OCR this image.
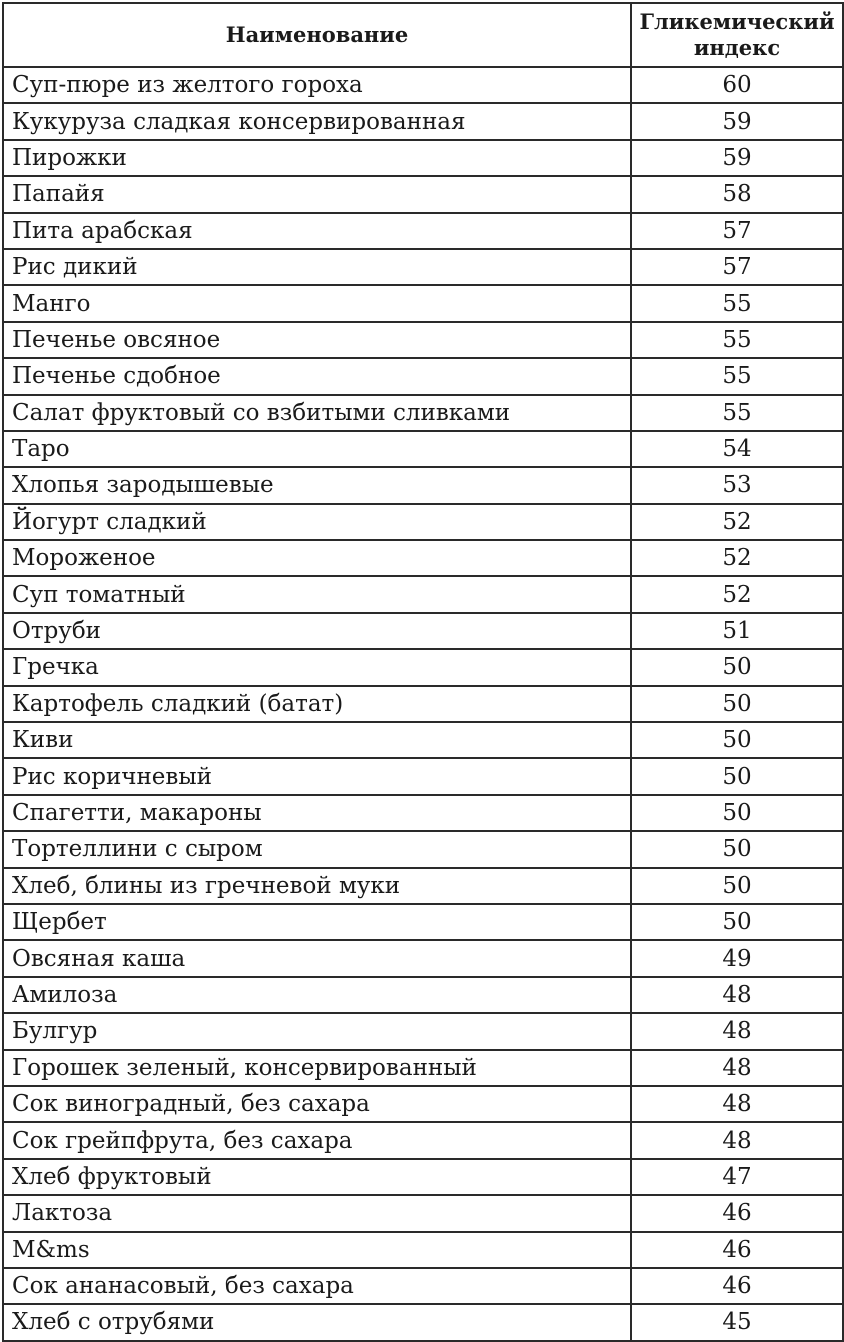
Наименование	Гликемический индекс
Суп-пюре из желтого гороха	60
Кукуруза сладкая консервированная	59
Пирожки	59
Папайя	58
Пита арабская	57
Рис дикий	57
Манго	55
Печенье овсяное	55
Печенье сдобное	55
Салат фруктовый со взбитыми сливками	55
Таро	54
Хлопья зародышевые	53
Йогурт сладкий	52
Мороженое	52
Суп томатный	52
Отруби	51
Гречка	50
Картофель сладкий (батат)	50
Киви	50
Рис коричневый	50
Спагетти, макароны	50
Тортеллини с сыром	50
Хлеб, блины из гречневой муки	50
Щербет	50
Овсяная каша	49
Амилоза	48
Булгур	48
Горошек зеленый, консервированный	48
Сок виноградный, без сахара	48
Сок грейпфрута, без сахара	48
Хлеб фруктовый	47
Лактоза	46
M&ms	46
Сок ананасовый, без сахара	46
Хлеб с отрубями	45
